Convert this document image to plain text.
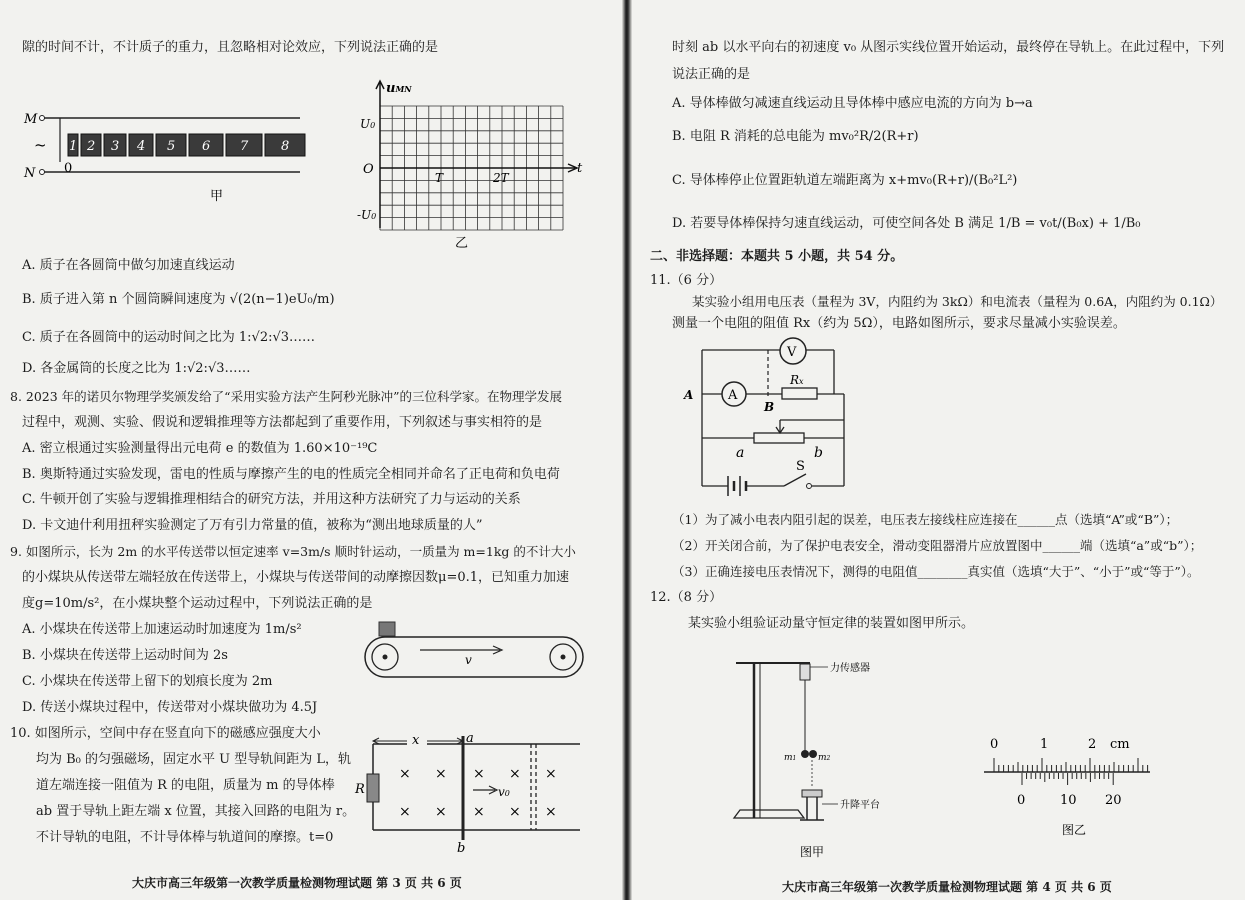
隙的时间不计，不计质子的重力，且忽略相对论效应，下列说法正确的是
M
N
~
0
1 2 3 4 5 6 7	8
甲
uMN
t
O
U0
-U0
T	2T
乙
A. 质子在各圆筒中做匀加速直线运动
B. 质子进入第 n 个圆筒瞬间速度为 √(2(n−1)eU₀/m)
C. 质子在各圆筒中的运动时间之比为 1:√2:√3……
D. 各金属筒的长度之比为 1:√2:√3……
8. 2023 年的诺贝尔物理学奖颁发给了“采用实验方法产生阿秒光脉冲”的三位科学家。在物理学发展
过程中，观测、实验、假说和逻辑推理等方法都起到了重要作用，下列叙述与事实相符的是
A. 密立根通过实验测量得出元电荷 e 的数值为 1.60×10⁻¹⁹C
B. 奥斯特通过实验发现，雷电的性质与摩擦产生的电的性质完全相同并命名了正电荷和负电荷
C. 牛顿开创了实验与逻辑推理相结合的研究方法，并用这种方法研究了力与运动的关系
D. 卡文迪什利用扭秤实验测定了万有引力常量的值，被称为“测出地球质量的人”
9. 如图所示，长为 2m 的水平传送带以恒定速率 v=3m/s 顺时针运动，一质量为 m=1kg 的不计大小
的小煤块从传送带左端轻放在传送带上，小煤块与传送带间的动摩擦因数μ=0.1，已知重力加速
度g=10m/s²，在小煤块整个运动过程中，下列说法正确的是
A. 小煤块在传送带上加速运动时加速度为 1m/s²
B. 小煤块在传送带上运动时间为 2s
C. 小煤块在传送带上留下的划痕长度为 2m
D. 传送小煤块过程中，传送带对小煤块做功为 4.5J
v
10. 如图所示，空间中存在竖直向下的磁感应强度大小
均为 B₀ 的匀强磁场，固定水平 U 型导轨间距为 L，轨
道左端连接一阻值为 R 的电阻，质量为 m 的导体棒
ab 置于导轨上距左端 x 位置，其接入回路的电阻为 r。
不计导轨的电阻，不计导体棒与轨道间的摩擦。t=0
R
x	a
b
v0
× × × × ×
× × × × ×
大庆市高三年级第一次教学质量检测物理试题 第 3 页 共 6 页
时刻 ab 以水平向右的初速度 v₀ 从图示实线位置开始运动，最终停在导轨上。在此过程中，下列
说法正确的是
A. 导体棒做匀减速直线运动且导体棒中感应电流的方向为 b→a
B. 电阻 R 消耗的总电能为 mv₀²R/2(R+r)
C. 导体棒停止位置距轨道左端距离为 x+mv₀(R+r)/(B₀²L²)
D. 若要导体棒保持匀速直线运动，可使空间各处 B 满足 1/B = v₀t/(B₀x) + 1/B₀
二、非选择题：本题共 5 小题，共 54 分。
11.（6 分）
某实验小组用电压表（量程为 3V，内阻约为 3kΩ）和电流表（量程为 0.6A，内阻约为 0.1Ω）
测量一个电阻的阻值 Rx（约为 5Ω），电路如图所示，要求尽量减小实验误差。
V
A
Rx
A
B
a	b
S
（1）为了减小电表内阻引起的误差，电压表左接线柱应连接在______点（选填“A”或“B”）；
（2）开关闭合前，为了保护电表安全，滑动变阻器滑片应放置图中______端（选填“a”或“b”）；
（3）正确连接电压表情况下，测得的电阻值________真实值（选填“大于”、“小于”或“等于”）。
12.（8 分）
某实验小组验证动量守恒定律的装置如图甲所示。
力传感器
m1 m2
升降平台
图甲
0	1	2 cm
0	10 20
图乙
大庆市高三年级第一次教学质量检测物理试题 第 4 页 共 6 页
